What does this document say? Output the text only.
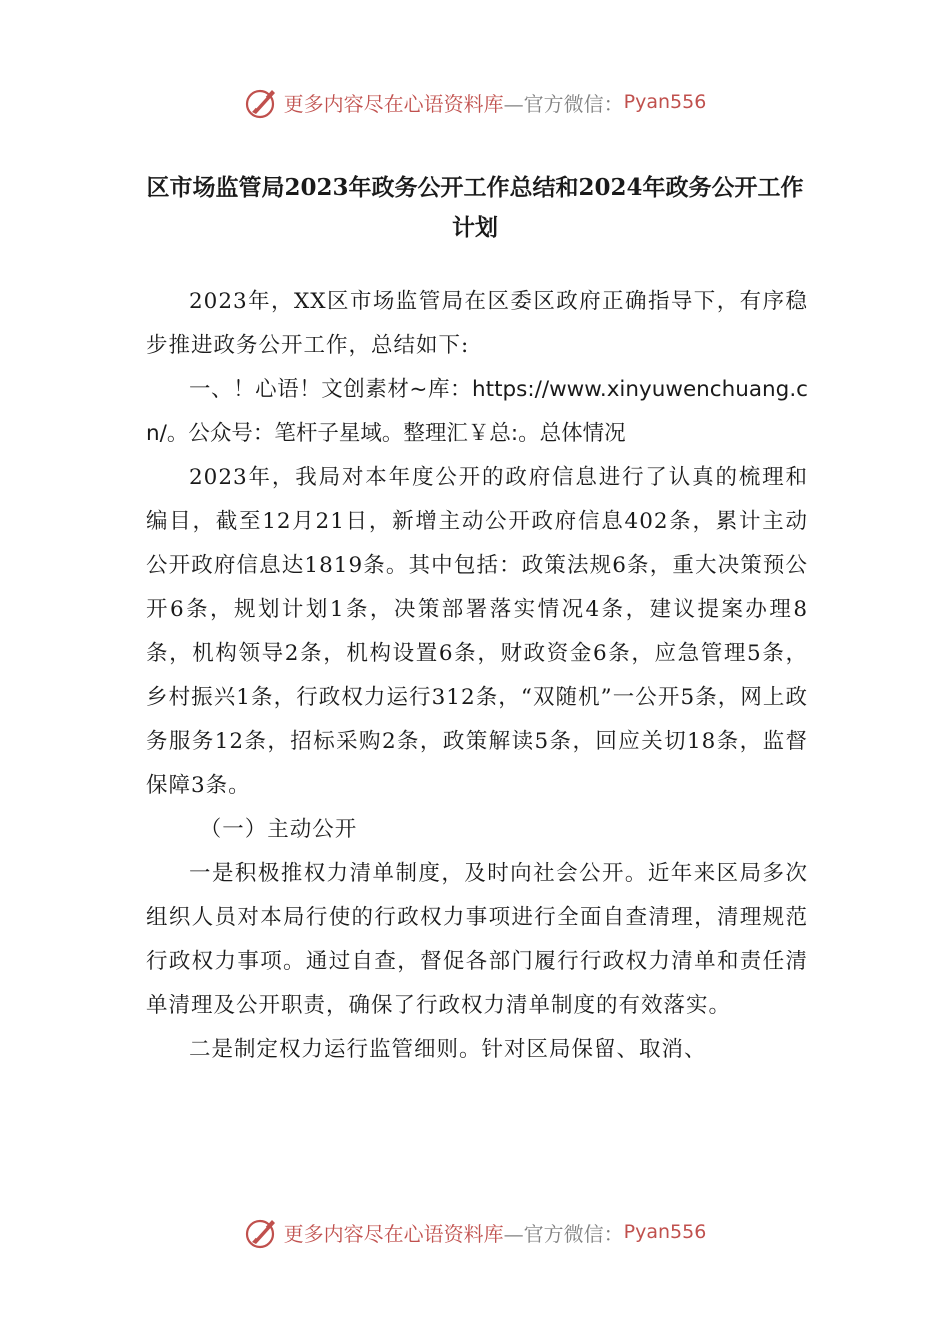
更多内容尽在心语资料库 —官方微信： Pyan556
区市场监管局2023年政务公开工作总结和2024年政务公开工作计划

2023年，XX区市场监管局在区委区政府正确指导下，有序稳步推进政务公开工作，总结如下:

一、！心语！文创素材~库：https://www.xinyuwenchuang.cn/。公众号：笔杆子星域。整理汇￥总:。总体情况

2023年，我局对本年度公开的政府信息进行了认真的梳理和编目，截至12月21日，新增主动公开政府信息402条，累计主动公开政府信息达1819条。其中包括：政策法规6条，重大决策预公开6条，规划计划1条，决策部署落实情况4条，建议提案办理8条，机构领导2条，机构设置6条，财政资金6条，应急管理5条，乡村振兴1条，行政权力运行312条，“双随机”一公开5条，网上政务服务12条，招标采购2条，政策解读5条，回应关切18条，监督保障3条。

（一）主动公开

一是积极推权力清单制度，及时向社会公开。近年来区局多次组织人员对本局行使的行政权力事项进行全面自查清理，清理规范行政权力事项。通过自查，督促各部门履行行政权力清单和责任清单清理及公开职责，确保了行政权力清单制度的有效落实。

二是制定权力运行监管细则。针对区局保留、取消、

更多内容尽在心语资料库 —官方微信： Pyan556
